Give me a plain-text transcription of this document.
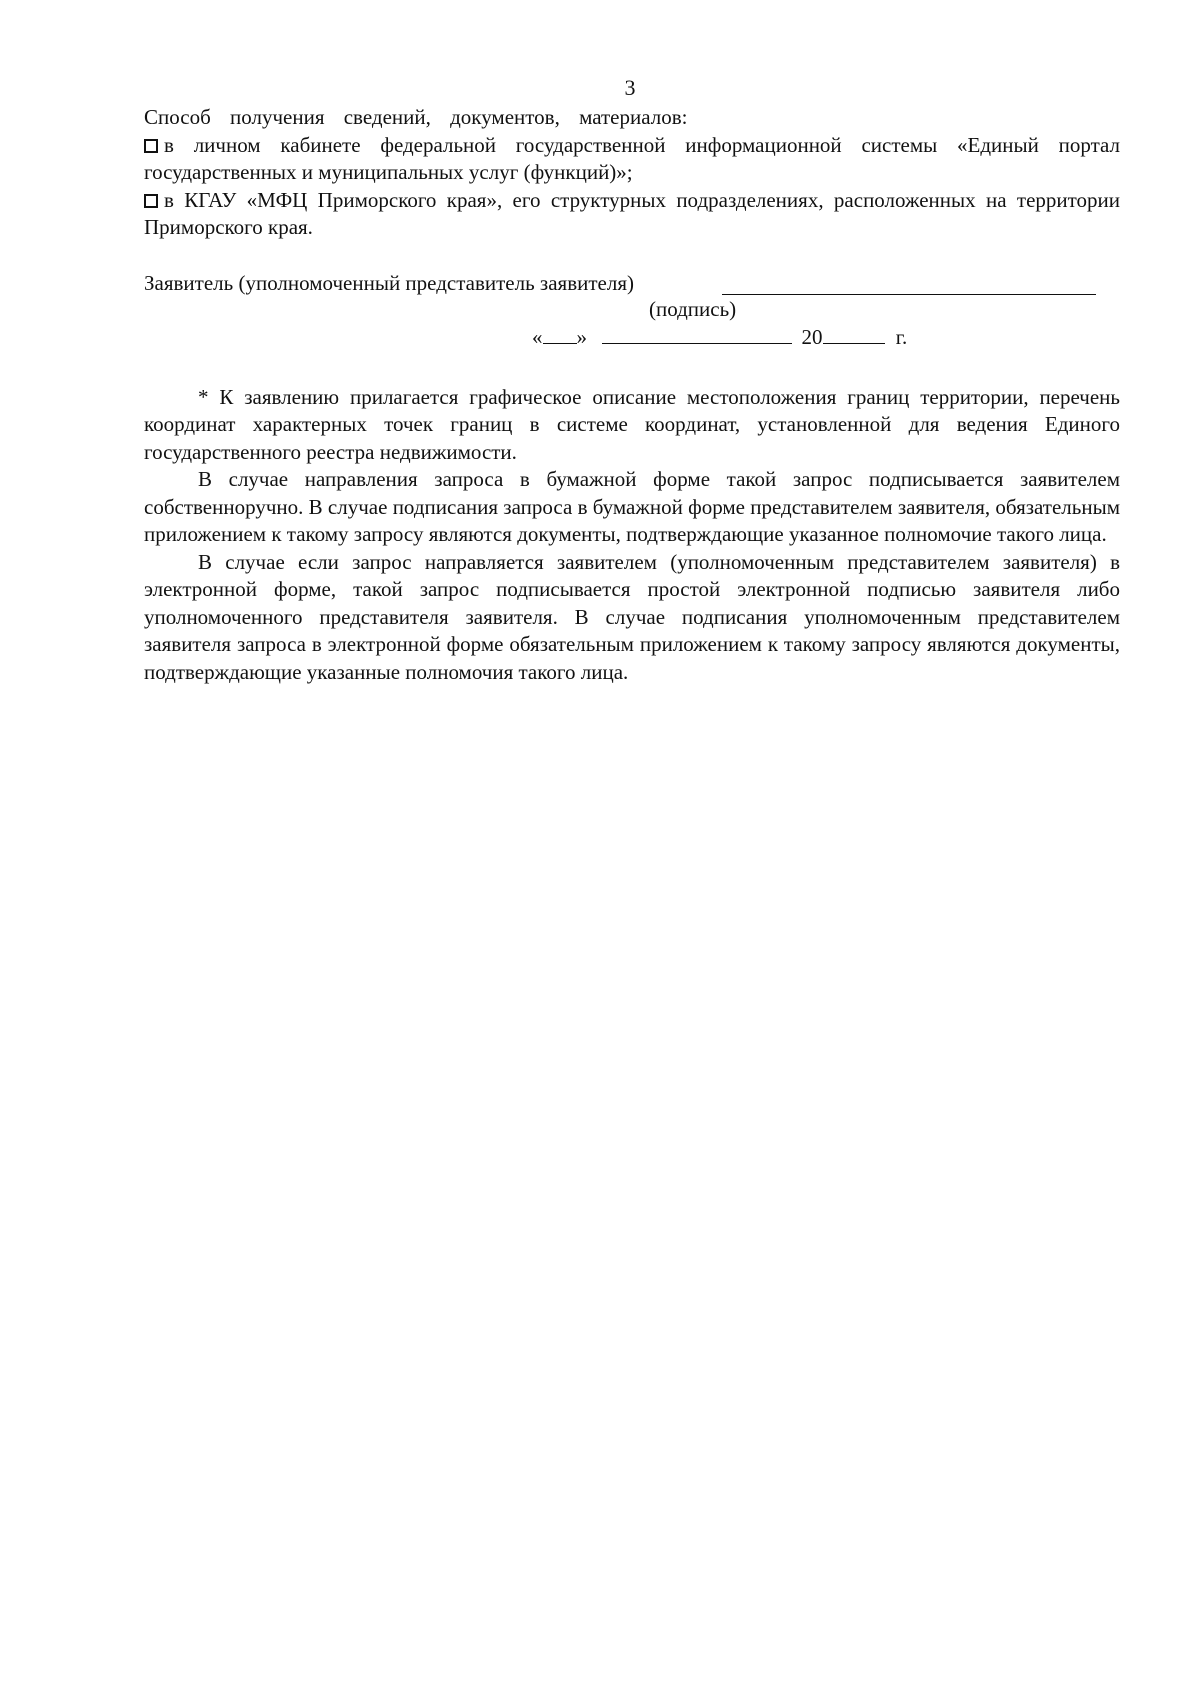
3
Способ получения сведений, документов, материалов:
в личном кабинете федеральной государственной информационной системы «Единый портал государственных и муниципальных услуг (функций)»;
в КГАУ «МФЦ Приморского края», его структурных подразделениях, расположенных на территории Приморского края.
Заявитель (уполномоченный представитель заявителя)
(подпись)
« »	20	г.

* К заявлению прилагается графическое описание местоположения границ территории, перечень координат характерных точек границ в системе координат, установленной для ведения Единого государственного реестра недвижимости.

В случае направления запроса в бумажной форме такой запрос подписывается заявителем собственноручно. В случае подписания запроса в бумажной форме представителем заявителя, обязательным приложением к такому запросу являются документы, подтверждающие указанное полномочие такого лица.

В случае если запрос направляется заявителем (уполномоченным представителем заявителя) в электронной форме, такой запрос подписывается простой электронной подписью заявителя либо уполномоченного представителя заявителя. В случае подписания уполномоченным представителем заявителя запроса в электронной форме обязательным приложением к такому запросу являются документы, подтверждающие указанные полномочия такого лица.
